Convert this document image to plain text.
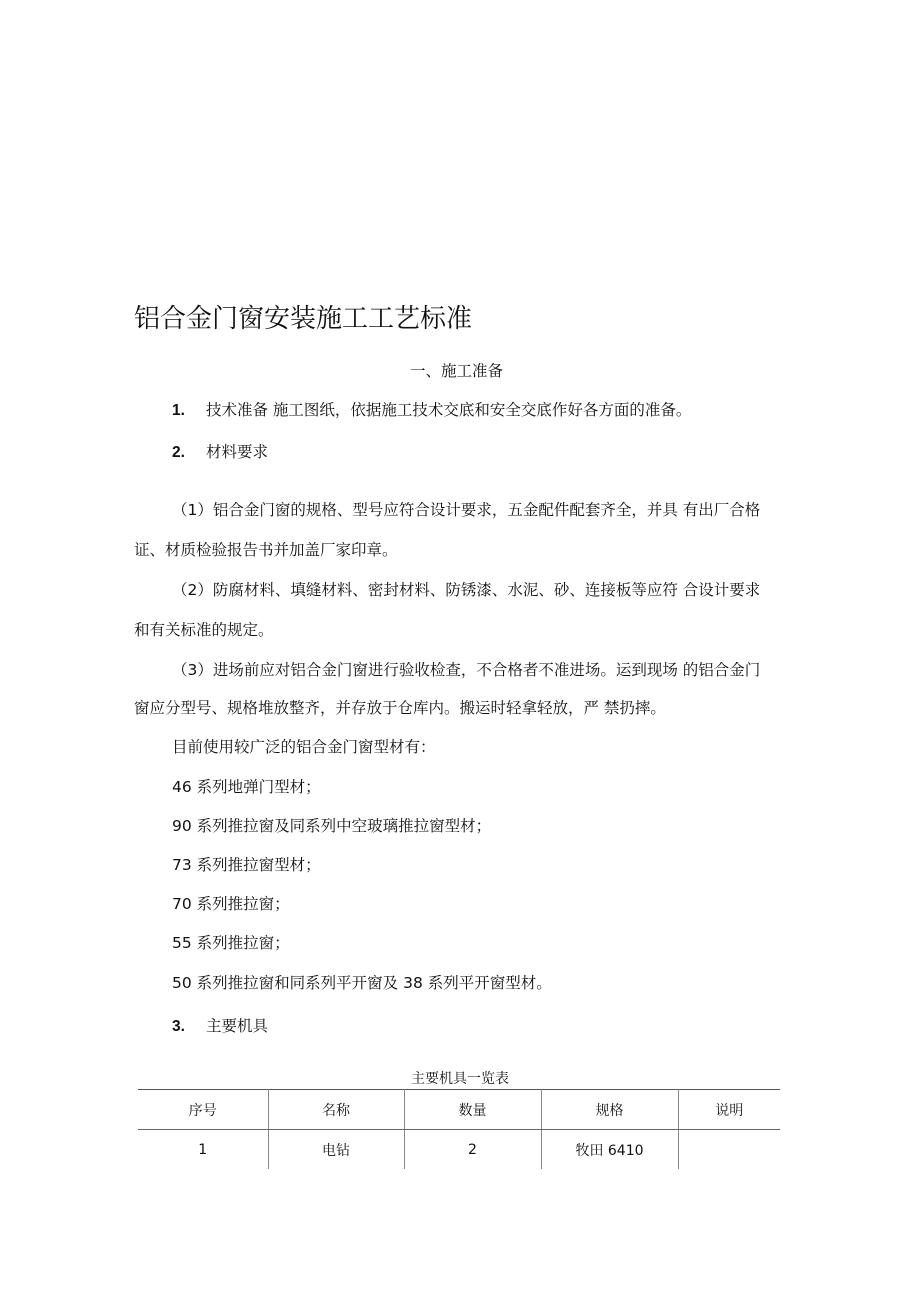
铝合金门窗安装施工工艺标准
一、施工准备
1. 技术准备 施工图纸，依据施工技术交底和安全交底作好各方面的准备。
2. 材料要求
（1）铝合金门窗的规格、型号应符合设计要求，五金配件配套齐全，并具 有出厂合格
证、材质检验报告书并加盖厂家印章。
（2）防腐材料、填缝材料、密封材料、防锈漆、水泥、砂、连接板等应符 合设计要求
和有关标准的规定。
（3）进场前应对铝合金门窗进行验收检查，不合格者不准进场。运到现场 的铝合金门
窗应分型号、规格堆放整齐，并存放于仓库内。搬运时轻拿轻放，严 禁扔摔。
目前使用较广泛的铝合金门窗型材有：
46 系列地弹门型材；
90 系列推拉窗及同系列中空玻璃推拉窗型材；
73 系列推拉窗型材；
70 系列推拉窗；
55 系列推拉窗；
50 系列推拉窗和同系列平开窗及 38 系列平开窗型材。
3. 主要机具
主要机具一览表
序号	名称	数量	规格	说明
1	电钻	2	牧田 6410	
